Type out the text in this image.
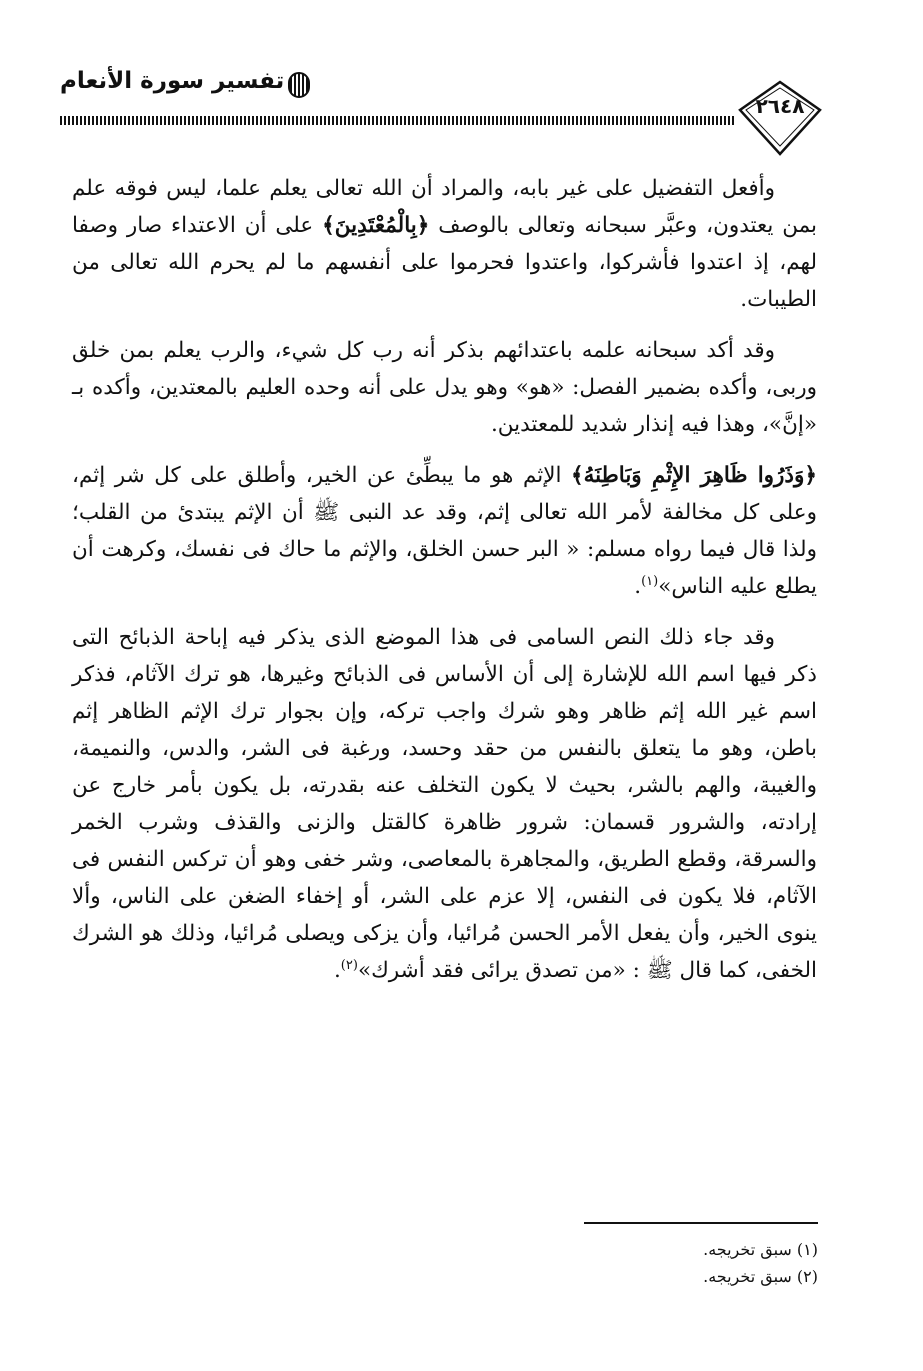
تفسير سورة الأنعام
٢٦٤٨

وأفعل التفضيل على غير بابه، والمراد أن الله تعالى يعلم علما، ليس فوقه علم بمن يعتدون، وعبَّر سبحانه وتعالى بالوصف ﴿بِالْمُعْتَدِينَ﴾ على أن الاعتداء صار وصفا لهم، إذ اعتدوا فأشركوا، واعتدوا فحرموا على أنفسهم ما لم يحرم الله تعالى من الطيبات.

وقد أكد سبحانه علمه باعتدائهم بذكر أنه رب كل شيء، والرب يعلم بمن خلق وربى، وأكده بضمير الفصل: «هو» وهو يدل على أنه وحده العليم بالمعتدين، وأكده بـ «إنَّ»، وهذا فيه إنذار شديد للمعتدين.

﴿وَذَرُوا ظَاهِرَ الإِثْمِ وَبَاطِنَهُ﴾ الإثم هو ما يبطِّئ عن الخير، وأطلق على كل شر إثم، وعلى كل مخالفة لأمر الله تعالى إثم، وقد عد النبى ﷺ أن الإثم يبتدئ من القلب؛ ولذا قال فيما رواه مسلم: « البر حسن الخلق، والإثم ما حاك فى نفسك، وكرهت أن يطلع عليه الناس»$^{(١)}$.

وقد جاء ذلك النص السامى فى هذا الموضع الذى يذكر فيه إباحة الذبائح التى ذكر فيها اسم الله للإشارة إلى أن الأساس فى الذبائح وغيرها، هو ترك الآثام، فذكر اسم غير الله إثم ظاهر وهو شرك واجب تركه، وإن بجوار ترك الإثم الظاهر إثم باطن، وهو ما يتعلق بالنفس من حقد وحسد، ورغبة فى الشر، والدس، والنميمة، والغيبة، والهم بالشر، بحيث لا يكون التخلف عنه بقدرته، بل يكون بأمر خارج عن إرادته، والشرور قسمان: شرور ظاهرة كالقتل والزنى والقذف وشرب الخمر والسرقة، وقطع الطريق، والمجاهرة بالمعاصى، وشر خفى وهو أن تركس النفس فى الآثام، فلا يكون فى النفس، إلا عزم على الشر، أو إخفاء الضغن على الناس، وألا ينوى الخير، وأن يفعل الأمر الحسن مُرائيا، وأن يزكى ويصلى مُرائيا، وذلك هو الشرك الخفى، كما قال ﷺ : «من تصدق يرائى فقد أشرك»$^{(٢)}$.

(١) سبق تخريجه.

(٢) سبق تخريجه.
